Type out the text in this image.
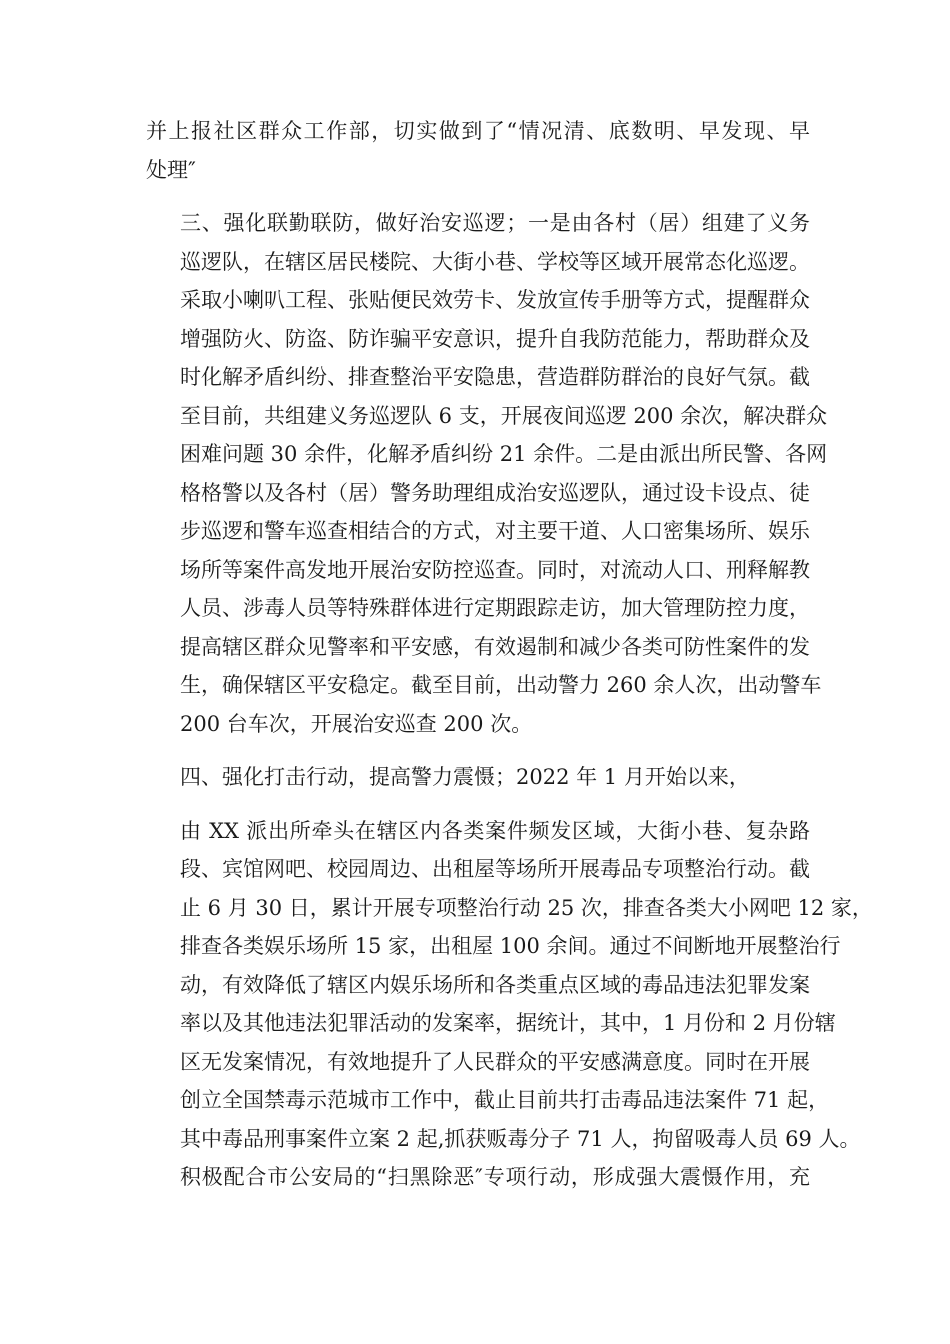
并上报社区群众工作部，切实做到了“情况清、底数明、早发现、早
处理″

三、强化联勤联防，做好治安巡逻；一是由各村（居）组建了义务
巡逻队，在辖区居民楼院、大街小巷、学校等区域开展常态化巡逻。
采取小喇叭工程、张贴便民效劳卡、发放宣传手册等方式，提醒群众
增强防火、防盗、防诈骗平安意识，提升自我防范能力，帮助群众及
时化解矛盾纠纷、排查整治平安隐患，营造群防群治的良好气氛。截
至目前，共组建义务巡逻队 6 支，开展夜间巡逻 200 余次，解决群众
困难问题 30 余件，化解矛盾纠纷 21 余件。二是由派出所民警、各网
格格警以及各村（居）警务助理组成治安巡逻队，通过设卡设点、徒
步巡逻和警车巡查相结合的方式，对主要干道、人口密集场所、娱乐
场所等案件高发地开展治安防控巡查。同时，对流动人口、刑释解教
人员、涉毒人员等特殊群体进行定期跟踪走访，加大管理防控力度，
提高辖区群众见警率和平安感，有效遏制和减少各类可防性案件的发
生，确保辖区平安稳定。截至目前，出动警力 260 余人次，出动警车
200 台车次，开展治安巡查 200 次。

四、强化打击行动，提高警力震慑；2022 年 1 月开始以来，

由 XX 派出所牵头在辖区内各类案件频发区域，大街小巷、复杂路
段、宾馆网吧、校园周边、出租屋等场所开展毒品专项整治行动。截
止 6 月 30 日，累计开展专项整治行动 25 次，排查各类大小网吧 12 家，
排查各类娱乐场所 15 家，出租屋 100 余间。通过不间断地开展整治行
动，有效降低了辖区内娱乐场所和各类重点区域的毒品违法犯罪发案
率以及其他违法犯罪活动的发案率，据统计，其中，1 月份和 2 月份辖
区无发案情况，有效地提升了人民群众的平安感满意度。同时在开展
创立全国禁毒示范城市工作中，截止目前共打击毒品违法案件 71 起，
其中毒品刑事案件立案 2 起,抓获贩毒分子 71 人，拘留吸毒人员 69 人。
积极配合市公安局的“扫黑除恶″专项行动，形成强大震慑作用，充
